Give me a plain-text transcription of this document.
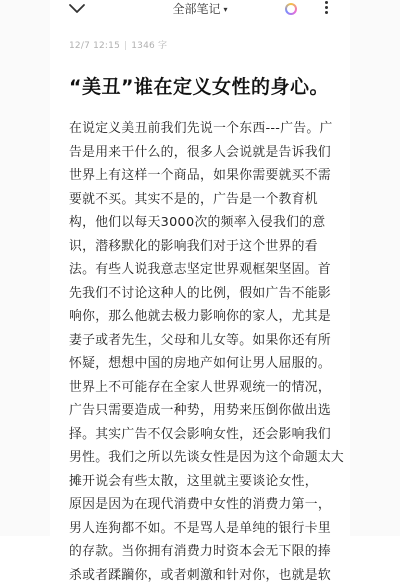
全部笔记 ▾
12/7 12:15 | 1346 字
“美丑”谁在定义女性的身心。
在说定义美丑前我们先说一个东西---广告。广
告是用来干什么的，很多人会说就是告诉我们
世界上有这样一个商品，如果你需要就买不需
要就不买。其实不是的，广告是一个教育机
构，他们以每天3000次的频率入侵我们的意
识，潜移默化的影响我们对于这个世界的看
法。有些人说我意志坚定世界观框架坚固。首
先我们不讨论这种人的比例，假如广告不能影
响你，那么他就去极力影响你的家人，尤其是
妻子或者先生，父母和儿女等。如果你还有所
怀疑，想想中国的房地产如何让男人屈服的。
世界上不可能存在全家人世界观统一的情况，
广告只需要造成一种势，用势来压倒你做出选
择。其实广告不仅会影响女性，还会影响我们
男性。我们之所以先谈女性是因为这个命题太大
摊开说会有些太散，这里就主要谈论女性，
原因是因为在现代消费中女性的消费力第一，
男人连狗都不如。不是骂人是单纯的银行卡里
的存款。当你拥有消费力时资本会无下限的捧
杀或者蹂躏你，或者刺激和针对你，也就是软
